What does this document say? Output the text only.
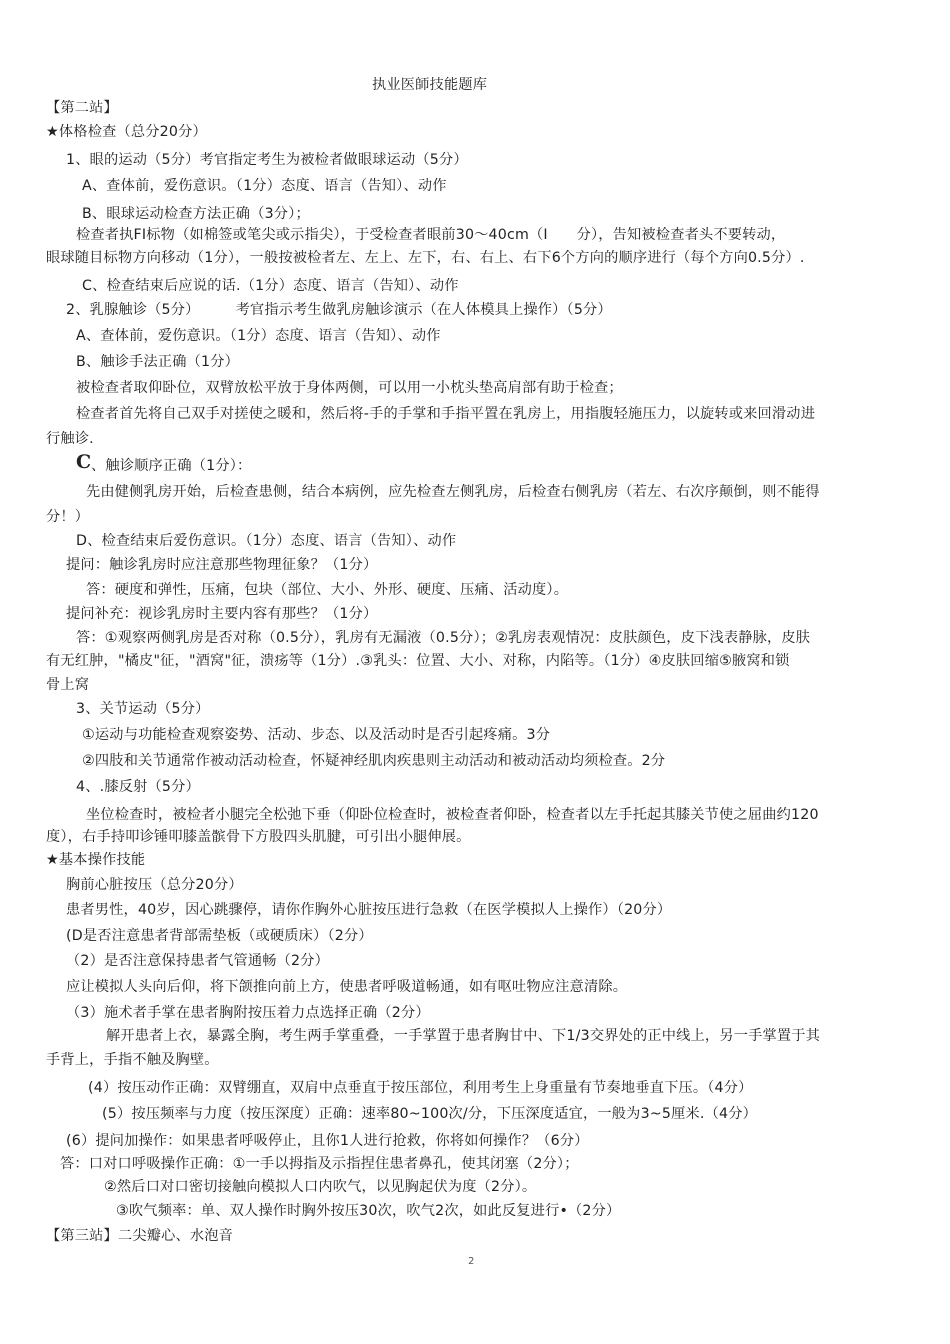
执业医師技能题库
【第二站】
★体格检查（总分20分）
1、眼的运动（5分）考官指定考生为被检者做眼球运动（5分）
A、查体前，爱伤意识。（1分）态度、语言（告知）、动作
B、眼球运动检查方法正确（3分）；
检查者执FI标物（如棉签或笔尖或示指尖），于受检查者眼前30〜40cm（I　　分），告知被检查者头不要转动，
眼球随目标物方向移动（1分），一般按被检者左、左上、左下，右、右上、右下6个方向的顺序进行（每个方向0.5分）.
C、检查结束后应说的话.（1分）态度、语言（告知）、动作
2、乳腺触诊（5分）　　　考官指示考生做乳房触诊演示（在人体模具上操作）（5分）
A、查体前，爱伤意识。（1分）态度、语言（告知）、动作
B、触诊手法正确（1分）
被检查者取仰卧位，双臂放松平放于身体两侧，可以用一小枕头垫高肩部有助于检查；
检查者首先将自己双手对搓使之暖和，然后将-手的手掌和手指平置在乳房上，用指腹轻施压力，以旋转或来回滑动进
行触诊.
C 、触诊顺序正确（1分）：
先由健侧乳房开始，后检查患侧，结合本病例，应先检查左侧乳房，后检查右侧乳房（若左、右次序颠倒，则不能得
分！）
D、检查结束后爱伤意识。（1分）态度、语言（告知）、动作
提问：触诊乳房时应注意那些物理征象？（1分）
答：硬度和弹性，压痛，包块（部位、大小、外形、硬度、压痛、活动度）。
提问补充：视诊乳房时主要内容有那些？（1分）
答：①观察两侧乳房是否对称（0.5分），乳房有无漏液（0.5分）；②乳房表观情况：皮肤颜色，皮下浅表静脉，皮肤
有无红肿，"橘皮"征，"酒窝"征，溃疡等（1分）.③乳头：位置、大小、对称，内陷等。（1分）④皮肤回缩⑤腋窝和锁
骨上窝
3、关节运动（5分）
①运动与功能检查观察姿势、活动、步态、以及活动时是否引起疼痛。3分
②四肢和关节通常作被动活动检查，怀疑神经肌肉疾患则主动活动和被动活动均须检查。2分
4、.膝反射（5分）
坐位检查时，被检者小腿完全松弛下垂（仰卧位检查时，被检查者仰卧，检查者以左手托起其膝关节使之屈曲约120
度），右手持叩诊锤叩膝盖髌骨下方股四头肌腱，可引出小腿伸展。
★基本操作技能
胸前心脏按压（总分20分）
患者男性，40岁，因心跳骤停，请你作胸外心脏按压进行急救（在医学模拟人上操作）（20分）
(D是否注意患者背部需垫板（或硬质床）（2分）
（2）是否注意保持患者气管通畅（2分）
应让模拟人头向后仰，将下颌推向前上方，使患者呼吸道畅通，如有呕吐物应注意清除。
（3）施术者手掌在患者胸附按压着力点选择正确（2分）
解开患者上衣，暴露全胸，考生两手掌重叠，一手掌置于患者胸甘中、下1/3交界处的正中线上，另一手掌置于其
手背上，手指不触及胸壁。
(4）按压动作正确：双臂绷直，双肩中点垂直于按压部位，利用考生上身重量有节奏地垂直下压。（4分）
(5）按压频率与力度（按压深度）正确：速率80~100次/分，下压深度适宜，一般为3~5厘米.（4分）
(6）提问加操作：如果患者呼吸停止，且你1人进行抢救，你将如何操作？（6分）
答：口对口呼吸操作正确：①一手以拇指及示指捏住患者鼻孔，使其闭塞（2分）；
②然后口对口密切接触向模拟人口内吹气，以见胸起伏为度（2分）。
③吹气频率：单、双人操作时胸外按压30次，吹气2次，如此反复进行•（2分）
【第三站】二尖瓣心、水泡音
2
